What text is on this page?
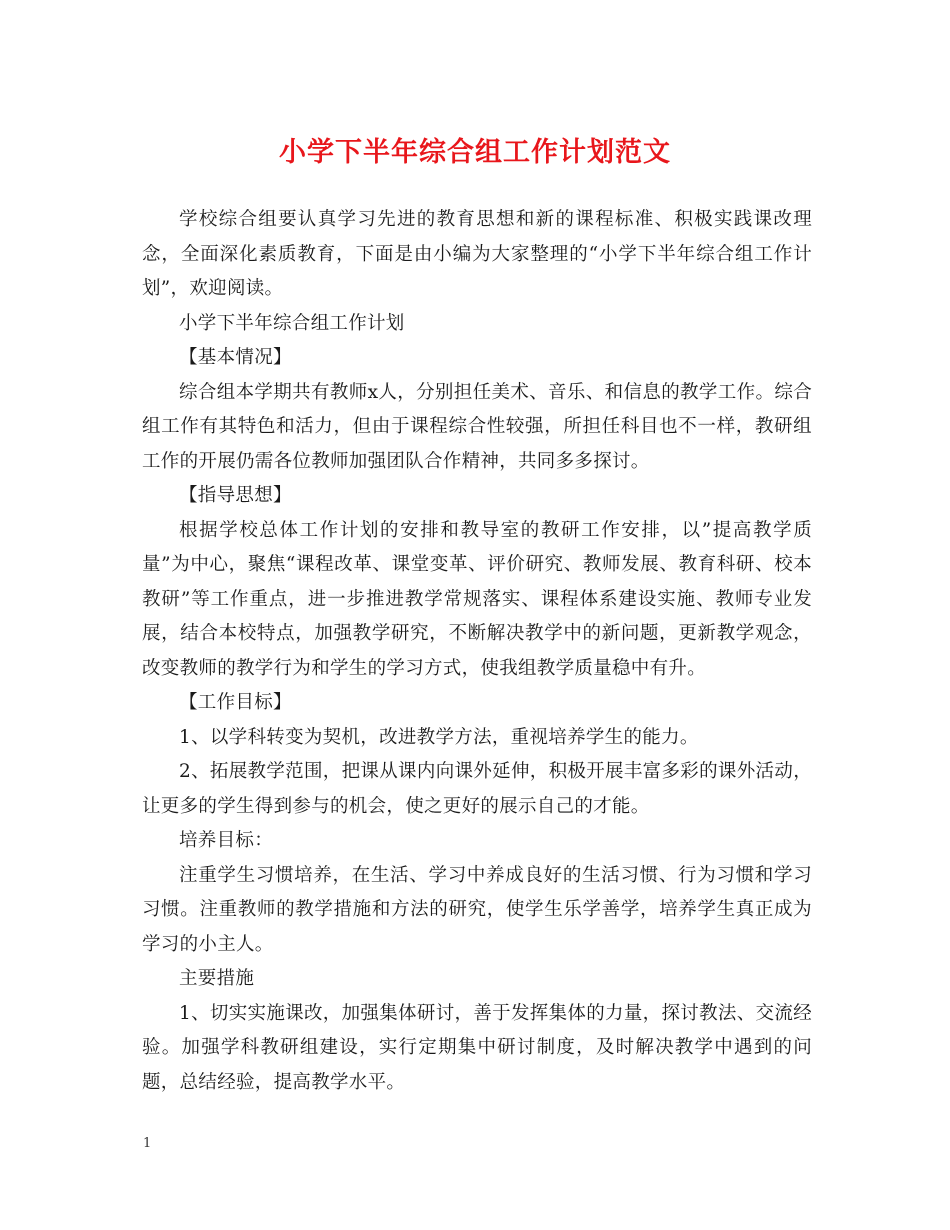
小学下半年综合组工作计划范文

学校综合组要认真学习先进的教育思想和新的课程标准、积极实践课改理念，全面深化素质教育，下面是由小编为大家整理的“小学下半年综合组工作计划”，欢迎阅读。

小学下半年综合组工作计划

【基本情况】

综合组本学期共有教师x人，分别担任美术、音乐、和信息的教学工作。综合组工作有其特色和活力，但由于课程综合性较强，所担任科目也不一样，教研组工作的开展仍需各位教师加强团队合作精神，共同多多探讨。

【指导思想】

根据学校总体工作计划的安排和教导室的教研工作安排，以”提高教学质量”为中心，聚焦“课程改革、课堂变革、评价研究、教师发展、教育科研、校本教研”等工作重点，进一步推进教学常规落实、课程体系建设实施、教师专业发展，结合本校特点，加强教学研究，不断解决教学中的新问题，更新教学观念，改变教师的教学行为和学生的学习方式，使我组教学质量稳中有升。

【工作目标】

1、以学科转变为契机，改进教学方法，重视培养学生的能力。

2、拓展教学范围，把课从课内向课外延伸，积极开展丰富多彩的课外活动，让更多的学生得到参与的机会，使之更好的展示自己的才能。

培养目标：

注重学生习惯培养，在生活、学习中养成良好的生活习惯、行为习惯和学习习惯。注重教师的教学措施和方法的研究，使学生乐学善学，培养学生真正成为学习的小主人。

主要措施

1、切实实施课改，加强集体研讨，善于发挥集体的力量，探讨教法、交流经验。加强学科教研组建设，实行定期集中研讨制度，及时解决教学中遇到的问题，总结经验，提高教学水平。

1
